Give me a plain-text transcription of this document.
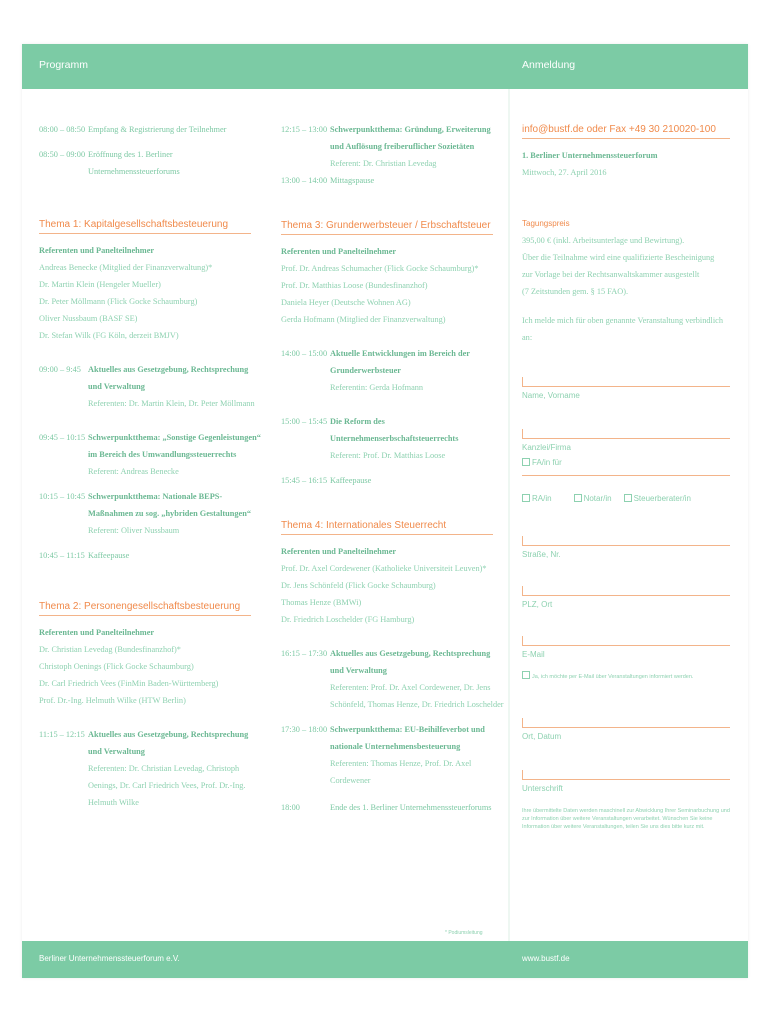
Programm	Anmeldung
08:00 – 08:50 Empfang & Registrierung der Teilnehmer
08:50 – 09:00 Eröffnung des 1. Berliner Unternehmenssteuerforums
Thema 1: Kapitalgesellschaftsbesteuerung
Referenten und Panelteilnehmer
Andreas Benecke (Mitglied der Finanzverwaltung)*
Dr. Martin Klein (Hengeler Mueller)
Dr. Peter Möllmann (Flick Gocke Schaumburg)
Oliver Nussbaum (BASF SE)
Dr. Stefan Wilk (FG Köln, derzeit BMJV)
09:00 – 9:45 Aktuelles aus Gesetzgebung, Rechtsprechung und Verwaltung
Referenten: Dr. Martin Klein, Dr. Peter Möllmann
09:45 – 10:15 Schwerpunktthema: „Sonstige Gegenleistungen“ im Bereich des Umwandlungssteuerrechts
Referent: Andreas Benecke
10:15 – 10:45 Schwerpunktthema: Nationale BEPS-Maßnahmen zu sog. „hybriden Gestaltungen“
Referent: Oliver Nussbaum
10:45 – 11:15 Kaffeepause
Thema 2: Personengesellschaftsbesteuerung
Referenten und Panelteilnehmer
Dr. Christian Levedag (Bundesfinanzhof)*
Christoph Oenings (Flick Gocke Schaumburg)
Dr. Carl Friedrich Vees (FinMin Baden-Württemberg)
Prof. Dr.-Ing. Helmuth Wilke (HTW Berlin)
11:15 – 12:15 Aktuelles aus Gesetzgebung, Rechtsprechung und Verwaltung
Referenten: Dr. Christian Levedag, Christoph Oenings, Dr. Carl Friedrich Vees, Prof. Dr.-Ing. Helmuth Wilke
12:15 – 13:00 Schwerpunktthema: Gründung, Erweiterung und Auflösung freiberuflicher Sozietäten
Referent: Dr. Christian Levedag
13:00 – 14:00 Mittagspause
Thema 3: Grunderwerbsteuer / Erbschaftsteuer
Referenten und Panelteilnehmer
Prof. Dr. Andreas Schumacher (Flick Gocke Schaumburg)*
Prof. Dr. Matthias Loose (Bundesfinanzhof)
Daniela Heyer (Deutsche Wohnen AG)
Gerda Hofmann (Mitglied der Finanzverwaltung)
14:00 – 15:00 Aktuelle Entwicklungen im Bereich der Grunderwerbsteuer
Referentin: Gerda Hofmann
15:00 – 15:45 Die Reform des Unternehmenserbschaftsteuerrechts
Referent: Prof. Dr. Matthias Loose
15:45 – 16:15 Kaffeepause
Thema 4: Internationales Steuerrecht
Referenten und Panelteilnehmer
Prof. Dr. Axel Cordewener (Katholieke Universiteit Leuven)*
Dr. Jens Schönfeld (Flick Gocke Schaumburg)
Thomas Henze (BMWi)
Dr. Friedrich Loschelder (FG Hamburg)
16:15 – 17:30 Aktuelles aus Gesetzgebung, Rechtsprechung und Verwaltung
Referenten: Prof. Dr. Axel Cordewener, Dr. Jens Schönfeld, Thomas Henze, Dr. Friedrich Loschelder
17:30 – 18:00 Schwerpunktthema: EU-Beihilfeverbot und nationale Unternehmensbesteuerung
Referenten: Thomas Henze, Prof. Dr. Axel Cordewener
18:00	Ende des 1. Berliner Unternehmenssteuerforums
* Podiumsleitung
info@bustf.de oder Fax +49 30 210020-100
1. Berliner Unternehmenssteuerforum
Mittwoch, 27. April 2016
Tagungspreis
395,00 € (inkl. Arbeitsunterlage und Bewirtung).
Über die Teilnahme wird eine qualifizierte Bescheinigung
zur Vorlage bei der Rechtsanwaltskammer ausgestellt
(7 Zeitstunden gem. § 15 FAO).
Ich melde mich für oben genannte Veranstaltung verbindlich an:
Name, Vorname
Kanzlei/Firma
FA/in für
RA/in	Notar/in	Steuerberater/in
Straße, Nr.
PLZ, Ort
E-Mail
Ja, ich möchte per E-Mail über Veranstaltungen informiert werden.
Ort, Datum
Unterschrift
Ihre übermittelte Daten werden maschinell zur Abwicklung Ihrer Seminarbuchung und zur Information über weitere Veranstaltungen verarbeitet. Wünschen Sie keine Information über weitere Veranstaltungen, teilen Sie uns dies bitte kurz mit.
Berliner Unternehmenssteuerforum e.V.	www.bustf.de
